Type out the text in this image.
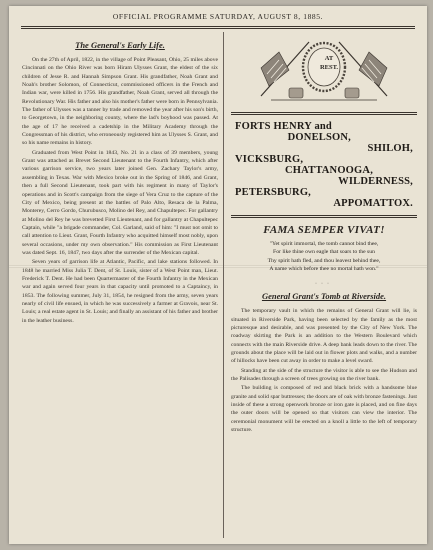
OFFICIAL PROGRAMME SATURDAY, AUGUST 8, 1885.
The General's Early Life.

On the 27th of April, 1822, in the village of Point Pleasant, Ohio, 25 miles above Cincinnati on the Ohio River was born Hiram Ulysses Grant, the eldest of the six children of Jesse R. and Hannah Simpson Grant. His grandfather, Noah Grant and Noah's brother Solomon, of Connecticut, commissioned officers in the French and Indian war, were killed in 1756. His grandfather, Noah Grant, served all through the Revolutionary War. His father and also his mother's father were born in Pennsylvania. The father of Ulysses was a tanner by trade and removed the year after his son's birth, to Georgetown, in the neighboring county, where the lad's boyhood was passed. At the age of 17 he received a cadetship in the Military Academy through the Congressman of his district, who erroneously registered him as Ulysses S. Grant, and so his name remains in history.

Graduated from West Point in 1843, No. 21 in a class of 39 members, young Grant was attached as Brevet Second Lieutenant to the Fourth Infantry, which after various garrison service, two years later joined Gen. Zachary Taylor's army, assembling in Texas. War with Mexico broke out in the Spring of 1846, and Grant, then a full Second Lieutenant, took part with his regiment in many of Taylor's operations and in Scott's campaign from the siege of Vera Cruz to the capture of the City of Mexico, being present at the battles of Palo Alto, Resaca de la Palma, Monterey, Cerro Gordo, Churubusco, Molino del Rey, and Chapultepec. For gallantry at Molino del Rey he was brevetted First Lieutenant, and for gallantry at Chapultepec Captain, while "a brigade commander, Col. Garland, said of him: "I must not omit to call attention to Lieut. Grant, Fourth Infantry who acquitted himself most nobly, upon several occasions, under my own observation." His commission as First Lieutenant was dated Sept. 16, 1847, two days after the surrender of the Mexican capital.

Seven years of garrison life at Atlantic, Pacific, and lake stations followed. In 1848 he married Miss Julia T. Dent, of St. Louis, sister of a West Point man, Lieut. Frederick T. Dent. He had been Quartermaster of the Fourth Infantry in the Mexican war and again served four years in that capacity until promoted to a Captaincy, in 1853. The following summer, July 31, 1854, he resigned from the army, seven years nearly of civil life ensued, in which he was successively a farmer at Gravois, near St. Louis; a real estate agent in St. Louis; and finally an assistant of his father and brother in the leather business.

AT
REST.
FORTS HENRY and
DONELSON,
SHILOH,
VICKSBURG,
CHATTANOOGA,
WILDERNESS,
PETERSBURG,
APPOMATTOX.
FAMA SEMPER VIVAT!
"Yet spirit immortal, the tomb cannot bind thee,
For like thine own eagle that soars to the sun
Thy spirit hath fled, and thou leavest behind thee,
A name which before thee no mortal hath won."
···
General Grant's Tomb at Riverside.

The temporary vault in which the remains of General Grant will lie, is situated in Riverside Park, having been selected by the family as the most picturesque and desirable, and was presented by the City of New York. The roadway skirting the Park is an addition to the Western Boulevard which connects with the main Riverside drive. A deep bank leads down to the river. The grounds about the place will be laid out in flower plots and walks, and a number of hillocks have been cut away in order to make a level sward.

Standing at the side of the structure the visitor is able to see the Hudson and the Palisades through a screen of trees growing on the river bank.

The building is composed of red and black brick with a handsome blue granite and solid spar buttresses; the doors are of oak with bronze fastenings. Just inside of these a strong openwork bronze or iron gate is placed, and on fine days the outer doors will be opened so that visitors can view the interior. The ceremonial monument will be erected on a knoll a little to the left of temporary structure.
